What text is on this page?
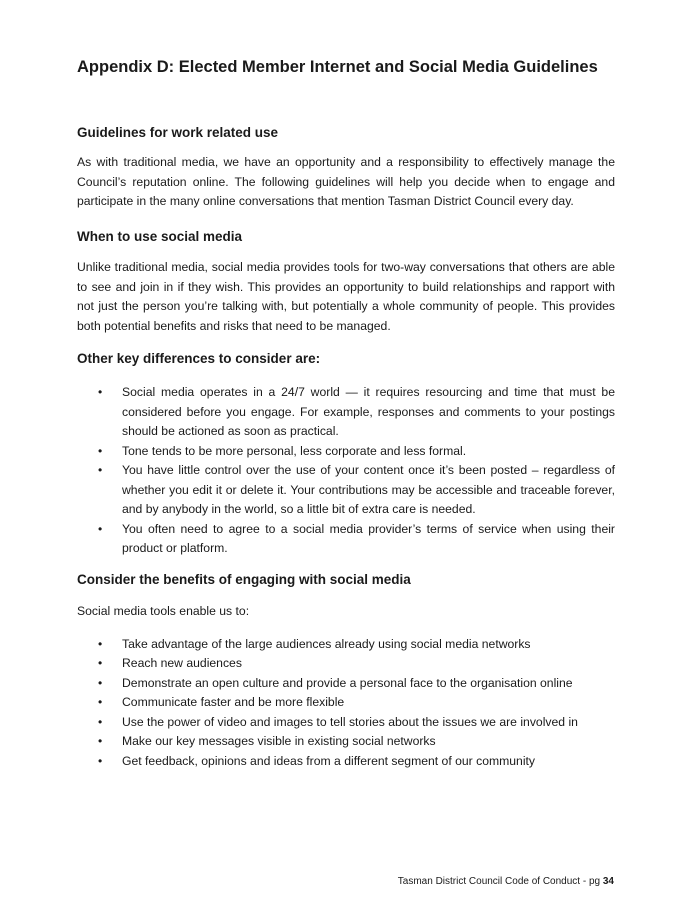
Appendix D: Elected Member Internet and Social Media Guidelines
Guidelines for work related use

As with traditional media, we have an opportunity and a responsibility to effectively manage the Council’s reputation online. The following guidelines will help you decide when to engage and participate in the many online conversations that mention Tasman District Council every day.

When to use social media

Unlike traditional media, social media provides tools for two-way conversations that others are able to see and join in if they wish. This provides an opportunity to build relationships and rapport with not just the person you’re talking with, but potentially a whole community of people. This provides both potential benefits and risks that need to be managed.

Other key differences to consider are:
• Social media operates in a 24/7 world — it requires resourcing and time that must be considered before you engage. For example, responses and comments to your postings should be actioned as soon as practical.
• Tone tends to be more personal, less corporate and less formal.
• You have little control over the use of your content once it’s been posted – regardless of whether you edit it or delete it. Your contributions may be accessible and traceable forever, and by anybody in the world, so a little bit of extra care is needed.
• You often need to agree to a social media provider’s terms of service when using their product or platform.
Consider the benefits of engaging with social media

Social media tools enable us to:

• Take advantage of the large audiences already using social media networks
• Reach new audiences
• Demonstrate an open culture and provide a personal face to the organisation online
• Communicate faster and be more flexible
• Use the power of video and images to tell stories about the issues we are involved in
• Make our key messages visible in existing social networks
• Get feedback, opinions and ideas from a different segment of our community
Tasman District Council Code of Conduct - pg 34
